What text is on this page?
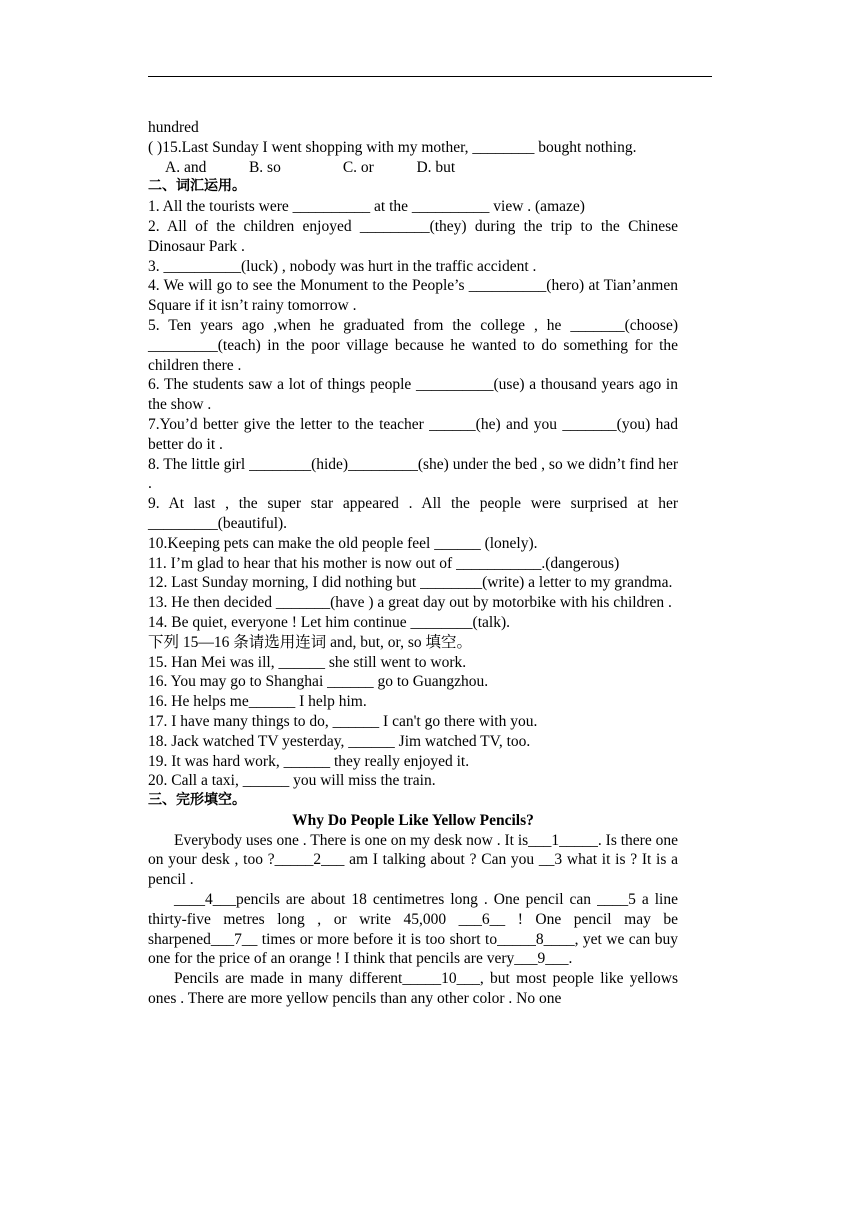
hundred

( )15.Last Sunday I went shopping with my mother, ________ bought nothing.

A. and           B. so                C. or           D. but

二、词汇运用。

1. All the tourists were __________ at the __________ view . (amaze)

2. All of the children enjoyed _________(they) during the trip to the Chinese Dinosaur Park .

3. __________(luck) , nobody was hurt in the traffic accident .

4. We will go to see the Monument to the People’s __________(hero) at Tian’anmen Square if it isn’t rainy tomorrow .

5. Ten years ago ,when he graduated from the college , he _______(choose) _________(teach) in the poor village because he wanted to do something for the children there .

6. The students saw a lot of things people __________(use) a thousand years ago in the show .

7.You’d better give the letter to the teacher ______(he) and you _______(you) had better do it .

8. The little girl ________(hide)_________(she) under the bed , so we didn’t find her .

9. At last , the super star appeared . All the people were surprised at her _________(beautiful).

10.Keeping pets can make the old people feel ______ (lonely).

11. I’m glad to hear that his mother is now out of ___________.(dangerous)

12. Last Sunday morning, I did nothing but ________(write) a letter to my grandma.

13. He then decided _______(have ) a great day out by motorbike with his children .

14. Be quiet, everyone ! Let him continue ________(talk).

下列 15—16 条请选用连词 and, but, or, so 填空。

15. Han Mei was ill, ______ she still went to work.

16. You may go to Shanghai ______ go to Guangzhou.

16. He helps me______ I help him.

17. I have many things to do, ______ I can't go there with you.

18. Jack watched TV yesterday, ______ Jim watched TV, too.

19. It was hard work, ______ they really enjoyed it.

20. Call a taxi, ______ you will miss the train.

三、完形填空。

Why Do People Like Yellow Pencils?

Everybody uses one . There is one on my desk now . It is___1_____. Is there one on your desk , too ?_____2___ am I talking about ? Can you __3 what it is ? It is a pencil .

____4___pencils are about 18 centimetres long . One pencil can ____5 a line thirty-five metres long , or write 45,000 ___6__ ! One pencil may be sharpened___7__ times or more before it is too short to_____8____, yet we can buy one for the price of an orange ! I think that pencils are very___9___.

Pencils are made in many different_____10___, but most people like yellows ones . There are more yellow pencils than any other color . No one
